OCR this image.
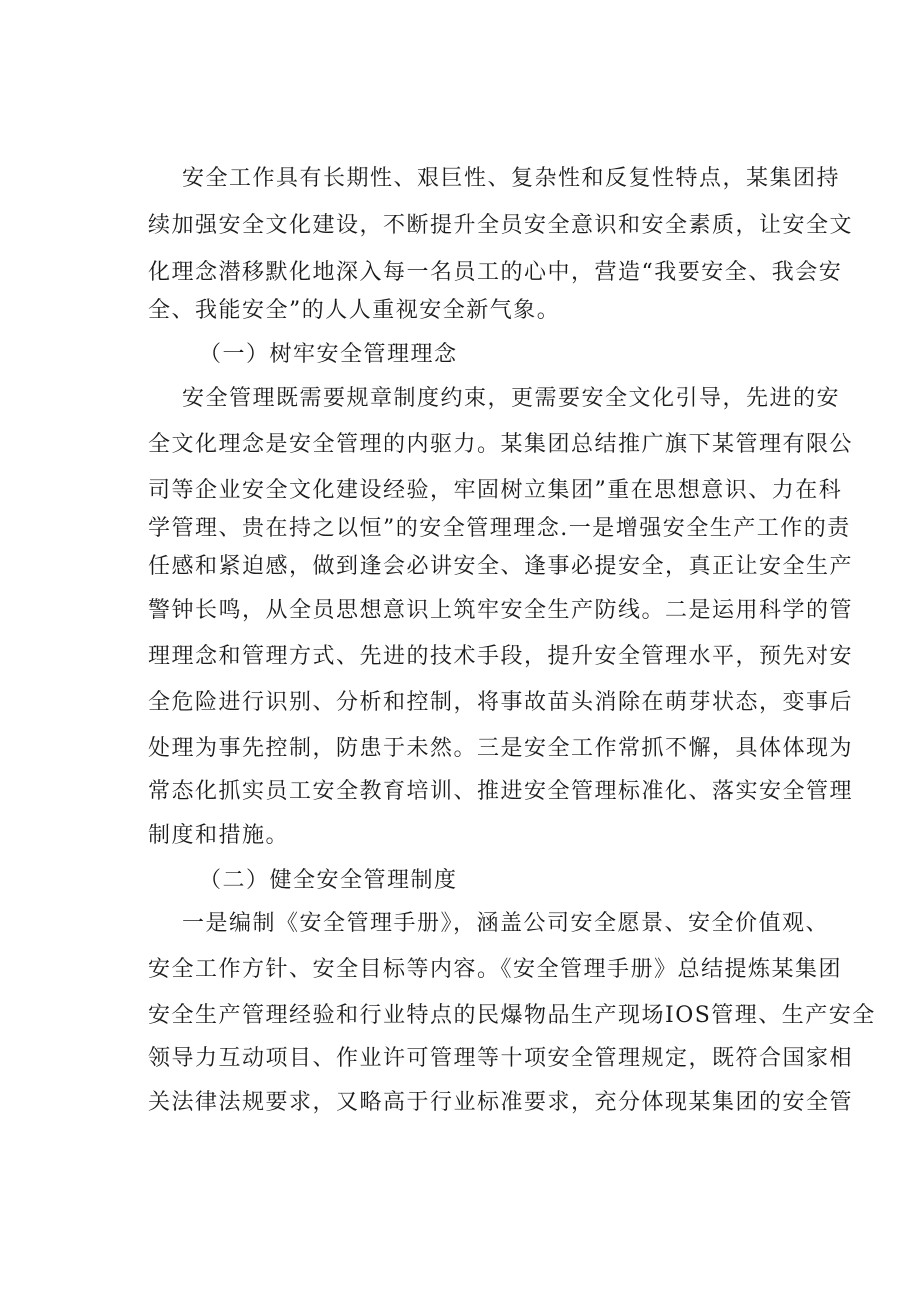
安全工作具有长期性、艰巨性、复杂性和反复性特点，某集团持
续加强安全文化建设，不断提升全员安全意识和安全素质，让安全文
化理念潜移默化地深入每一名员工的心中，营造“我要安全、我会安
全、我能安全”的人人重视安全新气象。
（一）树牢安全管理理念
安全管理既需要规章制度约束，更需要安全文化引导，先进的安
全文化理念是安全管理的内驱力。某集团总结推广旗下某管理有限公
司等企业安全文化建设经验，牢固树立集团”重在思想意识、力在科
学管理、贵在持之以恒”的安全管理理念.一是增强安全生产工作的责
任感和紧迫感，做到逢会必讲安全、逢事必提安全，真正让安全生产
警钟长鸣，从全员思想意识上筑牢安全生产防线。二是运用科学的管
理理念和管理方式、先进的技术手段，提升安全管理水平，预先对安
全危险进行识别、分析和控制，将事故苗头消除在萌芽状态，变事后
处理为事先控制，防患于未然。三是安全工作常抓不懈，具体体现为
常态化抓实员工安全教育培训、推进安全管理标准化、落实安全管理
制度和措施。
（二）健全安全管理制度
一是编制《安全管理手册》，涵盖公司安全愿景、安全价值观、
安全工作方针、安全目标等内容。《安全管理手册》总结提炼某集团
安全生产管理经验和行业特点的民爆物品生产现场IOS管理、生产安全
领导力互动项目、作业许可管理等十项安全管理规定，既符合国家相
关法律法规要求，又略高于行业标准要求，充分体现某集团的安全管
